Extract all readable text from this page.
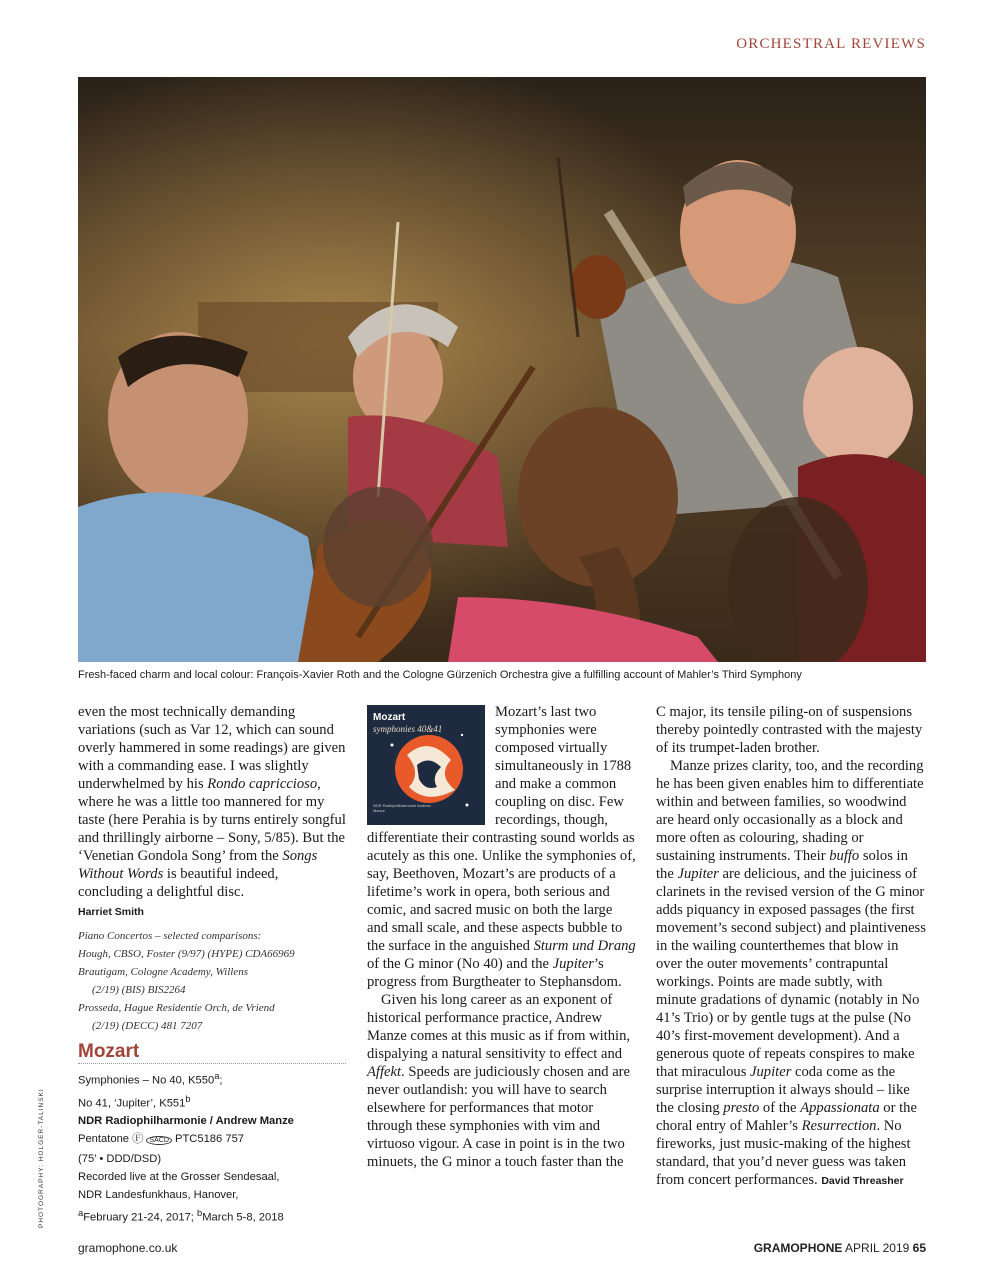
ORCHESTRAL REVIEWS
Fresh-faced charm and local colour: François-Xavier Roth and the Cologne Gürzenich Orchestra give a fulfilling account of Mahler’s Third Symphony

even the most technically demanding variations (such as Var 12, which can sound overly hammered in some readings) are given with a commanding ease. I was slightly underwhelmed by his Rondo capriccioso, where he was a little too mannered for my taste (here Perahia is by turns entirely songful and thrillingly airborne – Sony, 5/85). But the ‘Venetian Gondola Song’ from the Songs Without Words is beautiful indeed, concluding a delightful disc.

Harriet Smith
Piano Concertos – selected comparisons:
Hough, CBSO, Foster (9/97) (HYPE) CDA66969
Brautigam, Cologne Academy, Willens
(2/19) (BIS) BIS2264
Prosseda, Hague Residentie Orch, de Vriend
(2/19) (DECC) 481 7207
Mozart
Symphonies – No 40, K550$^a$;
No 41, ‘Jupiter’, K551$^b$
NDR Radiophilharmonie / Andrew Manze
Pentatone Ⓕ SACD PTC5186 757
(75’ • DDD/DSD)
Recorded live at the Grosser Sendesaal,
NDR Landesfunkhaus, Hanover,
$^a$February 21-24, 2017; $^b$March 5-8, 2018
Mozart
symphonies 40&41
NDR Radiophilharmonie Andrew Manze

Mozart’s last two symphonies were composed virtually simultaneously in 1788 and make a common coupling on disc. Few recordings, though, differentiate their contrasting sound worlds as acutely as this one. Unlike the symphonies of, say, Beethoven, Mozart’s are products of a lifetime’s work in opera, both serious and comic, and sacred music on both the large and small scale, and these aspects bubble to the surface in the anguished Sturm und Drang of the G minor (No 40) and the Jupiter’s progress from Burgtheater to Stephansdom.

Given his long career as an exponent of historical performance practice, Andrew Manze comes at this music as if from within, dispalying a natural sensitivity to effect and Affekt. Speeds are judiciously chosen and are never outlandish: you will have to search elsewhere for performances that motor through these symphonies with vim and virtuoso vigour. A case in point is in the two minuets, the G minor a touch faster than the

C major, its tensile piling-on of suspensions thereby pointedly contrasted with the majesty of its trumpet-laden brother.

Manze prizes clarity, too, and the recording he has been given enables him to differentiate within and between families, so woodwind are heard only occasionally as a block and more often as colouring, shading or sustaining instruments. Their buffo solos in the Jupiter are delicious, and the juiciness of clarinets in the revised version of the G minor adds piquancy in exposed passages (the first movement’s second subject) and plaintiveness in the wailing counterthemes that blow in over the outer movements’ contrapuntal workings. Points are made subtly, with minute gradations of dynamic (notably in No 41’s Trio) or by gentle tugs at the pulse (No 40’s first-movement development). And a generous quote of repeats conspires to make that miraculous Jupiter coda come as the surprise interruption it always should – like the closing presto of the Appassionata or the choral entry of Mahler’s Resurrection. No fireworks, just music-making of the highest standard, that you’d never guess was taken from concert performances. David Threasher

PHOTOGRAPHY: HOLGER-TALINSKI
gramophone.co.uk	GRAMOPHONE APRIL 2019 65
